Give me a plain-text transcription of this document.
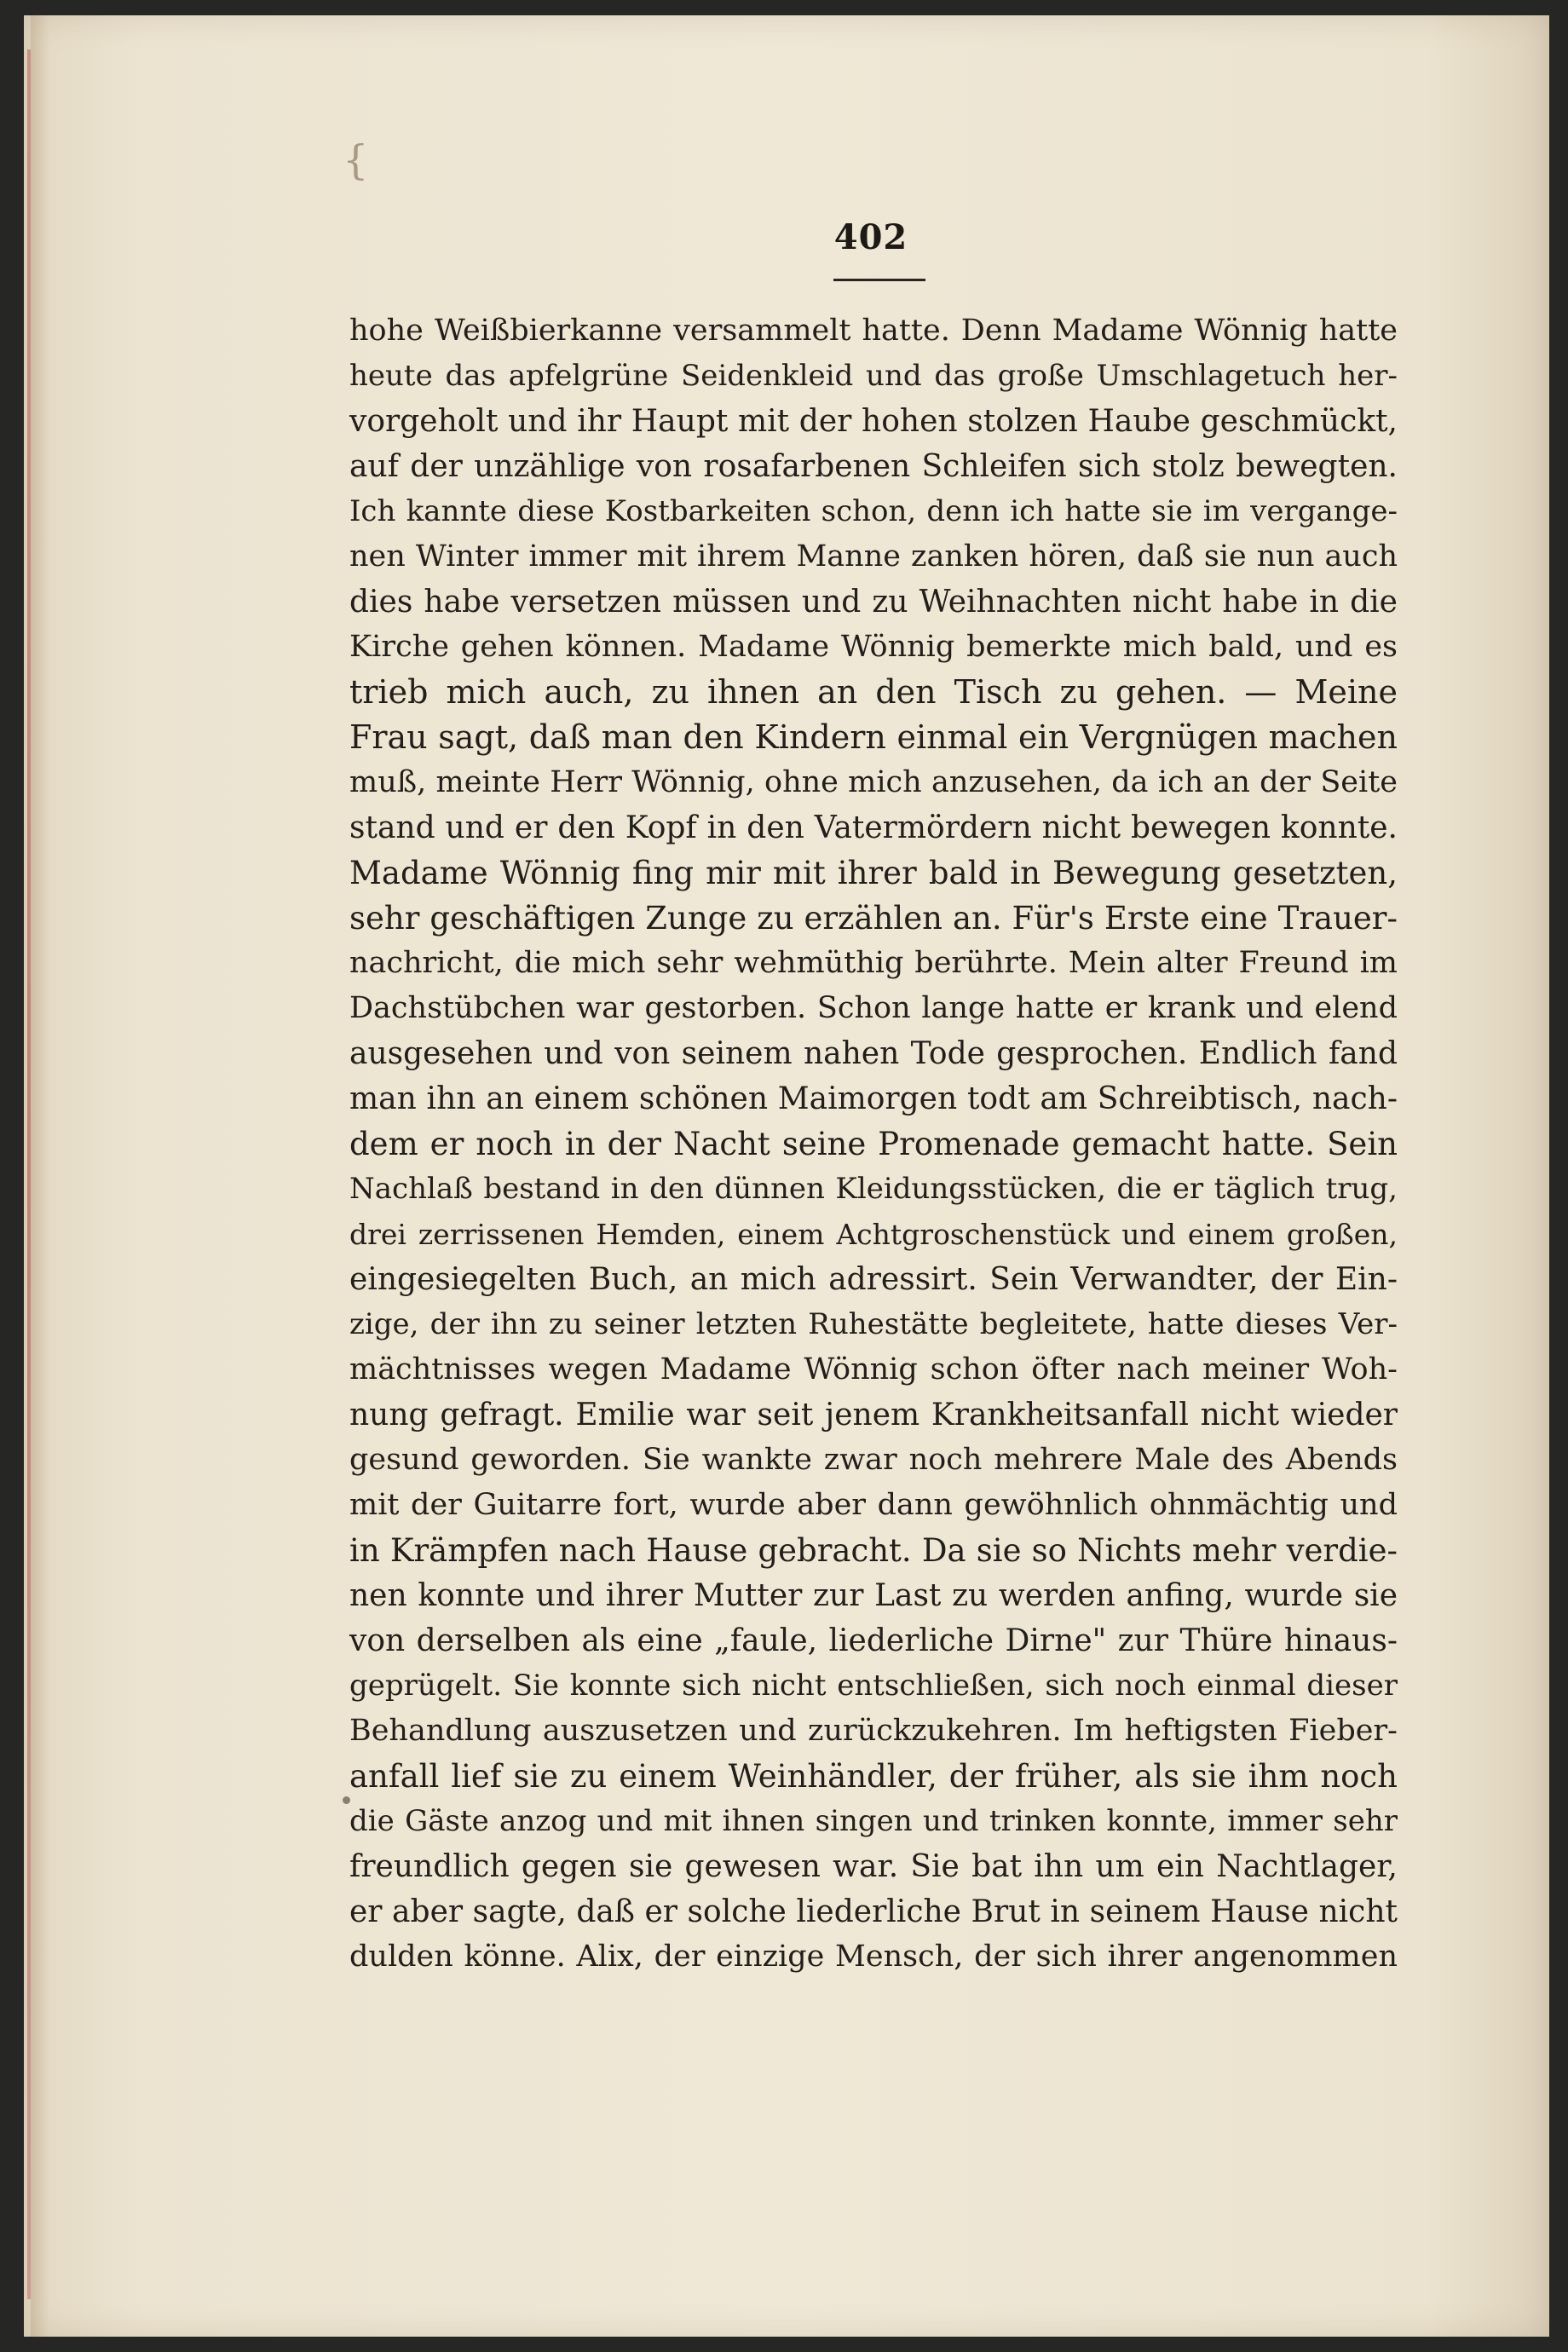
{
402
hohe Weißbierkanne versammelt hatte. Denn Madame Wönnig hatte
heute das apfelgrüne Seidenkleid und das große Umschlagetuch her-
vorgeholt und ihr Haupt mit der hohen stolzen Haube geschmückt,
auf der unzählige von rosafarbenen Schleifen sich stolz bewegten.
Ich kannte diese Kostbarkeiten schon, denn ich hatte sie im vergange-
nen Winter immer mit ihrem Manne zanken hören, daß sie nun auch
dies habe versetzen müssen und zu Weihnachten nicht habe in die
Kirche gehen können. Madame Wönnig bemerkte mich bald, und es
trieb mich auch, zu ihnen an den Tisch zu gehen. — Meine
Frau sagt, daß man den Kindern einmal ein Vergnügen machen
muß, meinte Herr Wönnig, ohne mich anzusehen, da ich an der Seite
stand und er den Kopf in den Vatermördern nicht bewegen konnte.
Madame Wönnig fing mir mit ihrer bald in Bewegung gesetzten,
sehr geschäftigen Zunge zu erzählen an. Für's Erste eine Trauer-
nachricht, die mich sehr wehmüthig berührte. Mein alter Freund im
Dachstübchen war gestorben. Schon lange hatte er krank und elend
ausgesehen und von seinem nahen Tode gesprochen. Endlich fand
man ihn an einem schönen Maimorgen todt am Schreibtisch, nach-
dem er noch in der Nacht seine Promenade gemacht hatte. Sein
Nachlaß bestand in den dünnen Kleidungsstücken, die er täglich trug,
drei zerrissenen Hemden, einem Achtgroschenstück und einem großen,
eingesiegelten Buch, an mich adressirt. Sein Verwandter, der Ein-
zige, der ihn zu seiner letzten Ruhestätte begleitete, hatte dieses Ver-
mächtnisses wegen Madame Wönnig schon öfter nach meiner Woh-
nung gefragt. Emilie war seit jenem Krankheitsanfall nicht wieder
gesund geworden. Sie wankte zwar noch mehrere Male des Abends
mit der Guitarre fort, wurde aber dann gewöhnlich ohnmächtig und
in Krämpfen nach Hause gebracht. Da sie so Nichts mehr verdie-
nen konnte und ihrer Mutter zur Last zu werden anfing, wurde sie
von derselben als eine „faule, liederliche Dirne" zur Thüre hinaus-
geprügelt. Sie konnte sich nicht entschließen, sich noch einmal dieser
Behandlung auszusetzen und zurückzukehren. Im heftigsten Fieber-
anfall lief sie zu einem Weinhändler, der früher, als sie ihm noch
die Gäste anzog und mit ihnen singen und trinken konnte, immer sehr
freundlich gegen sie gewesen war. Sie bat ihn um ein Nachtlager,
er aber sagte, daß er solche liederliche Brut in seinem Hause nicht
dulden könne. Alix, der einzige Mensch, der sich ihrer angenommen
